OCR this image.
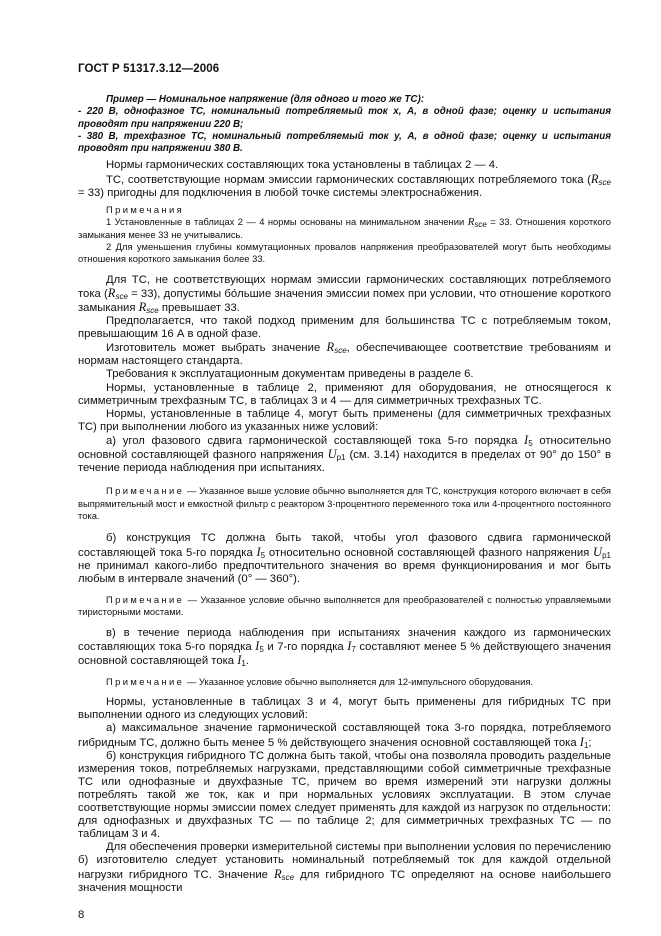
ГОСТ Р 51317.3.12—2006

Пример — Номинальное напряжение (для одного и того же ТС):

- 220 В, однофазное ТС, номинальный потребляемый ток x, А, в одной фазе; оценку и испытания проводят при напряжении 220 В;

- 380 В, трехфазное ТС, номинальный потребляемый ток y, А, в одной фазе; оценку и испытания проводят при напряжении 380 В.

Нормы гармонических составляющих тока установлены в таблицах 2 — 4.

ТС, соответствующие нормам эмиссии гармонических составляющих потребляемого тока $(R_{sce} = 33)$ пригодны для подключения в любой точке системы электроснабжения.

Примечания

1 Установленные в таблицах 2 — 4 нормы основаны на минимальном значении $R_{sce} = 33$. Отношения короткого замыкания менее 33 не учитывались.

2 Для уменьшения глубины коммутационных провалов напряжения преобразователей могут быть необходимы отношения короткого замыкания более 33.

Для ТС, не соответствующих нормам эмиссии гармонических составляющих потребляемого тока $(R_{sce} = 33)$, допустимы бо́льшие значения эмиссии помех при условии, что отношение короткого замыкания $R_{sce}$ превышает 33.

Предполагается, что такой подход применим для большинства ТС с потребляемым током, превышающим 16 А в одной фазе.

Изготовитель может выбрать значение $R_{sce}$, обеспечивающее соответствие требованиям и нормам настоящего стандарта.

Требования к эксплуатационным документам приведены в разделе 6.

Нормы, установленные в таблице 2, применяют для оборудования, не относящегося к симметричным трехфазным ТС, в таблицах 3 и 4 — для симметричных трехфазных ТС.

Нормы, установленные в таблице 4, могут быть применены (для симметричных трехфазных ТС) при выполнении любого из указанных ниже условий:

а) угол фазового сдвига гармонической составляющей тока 5-го порядка $I_5$ относительно основной составляющей фазного напряжения $U_{p1}$ (см. 3.14) находится в пределах от 90° до 150° в течение периода наблюдения при испытаниях.

Примечание — Указанное выше условие обычно выполняется для ТС, конструкция которого включает в себя выпрямительный мост и емкостной фильтр с реактором 3-процентного переменного тока или 4-процентного постоянного тока.

б) конструкция ТС должна быть такой, чтобы угол фазового сдвига гармонической составляющей тока 5-го порядка $I_5$ относительно основной составляющей фазного напряжения $U_{p1}$ не принимал какого-либо предпочтительного значения во время функционирования и мог быть любым в интервале значений (0° — 360°).

Примечание — Указанное условие обычно выполняется для преобразователей с полностью управляемыми тиристорными мостами.

в) в течение периода наблюдения при испытаниях значения каждого из гармонических составляющих тока 5-го порядка $I_5$ и 7-го порядка $I_7$ составляют менее 5 % действующего значения основной составляющей тока $I_1$.

Примечание — Указанное условие обычно выполняется для 12-импульсного оборудования.

Нормы, установленные в таблицах 3 и 4, могут быть применены для гибридных ТС при выполнении одного из следующих условий:

а) максимальное значение гармонической составляющей тока 3-го порядка, потребляемого гибридным ТС, должно быть менее 5 % действующего значения основной составляющей тока $I_1$;

б) конструкция гибридного ТС должна быть такой, чтобы она позволяла проводить раздельные измерения токов, потребляемых нагрузками, представляющими собой симметричные трехфазные ТС или однофазные и двухфазные ТС, причем во время измерений эти нагрузки должны потреблять такой же ток, как и при нормальных условиях эксплуатации. В этом случае соответствующие нормы эмиссии помех следует применять для каждой из нагрузок по отдельности: для однофазных и двухфазных ТС — по таблице 2; для симметричных трехфазных ТС — по таблицам 3 и 4.

Для обеспечения проверки измерительной системы при выполнении условия по перечислению б) изготовителю следует установить номинальный потребляемый ток для каждой отдельной нагрузки гибридного ТС. Значение $R_{sce}$ для гибридного ТС определяют на основе наибольшего значения мощности

8
